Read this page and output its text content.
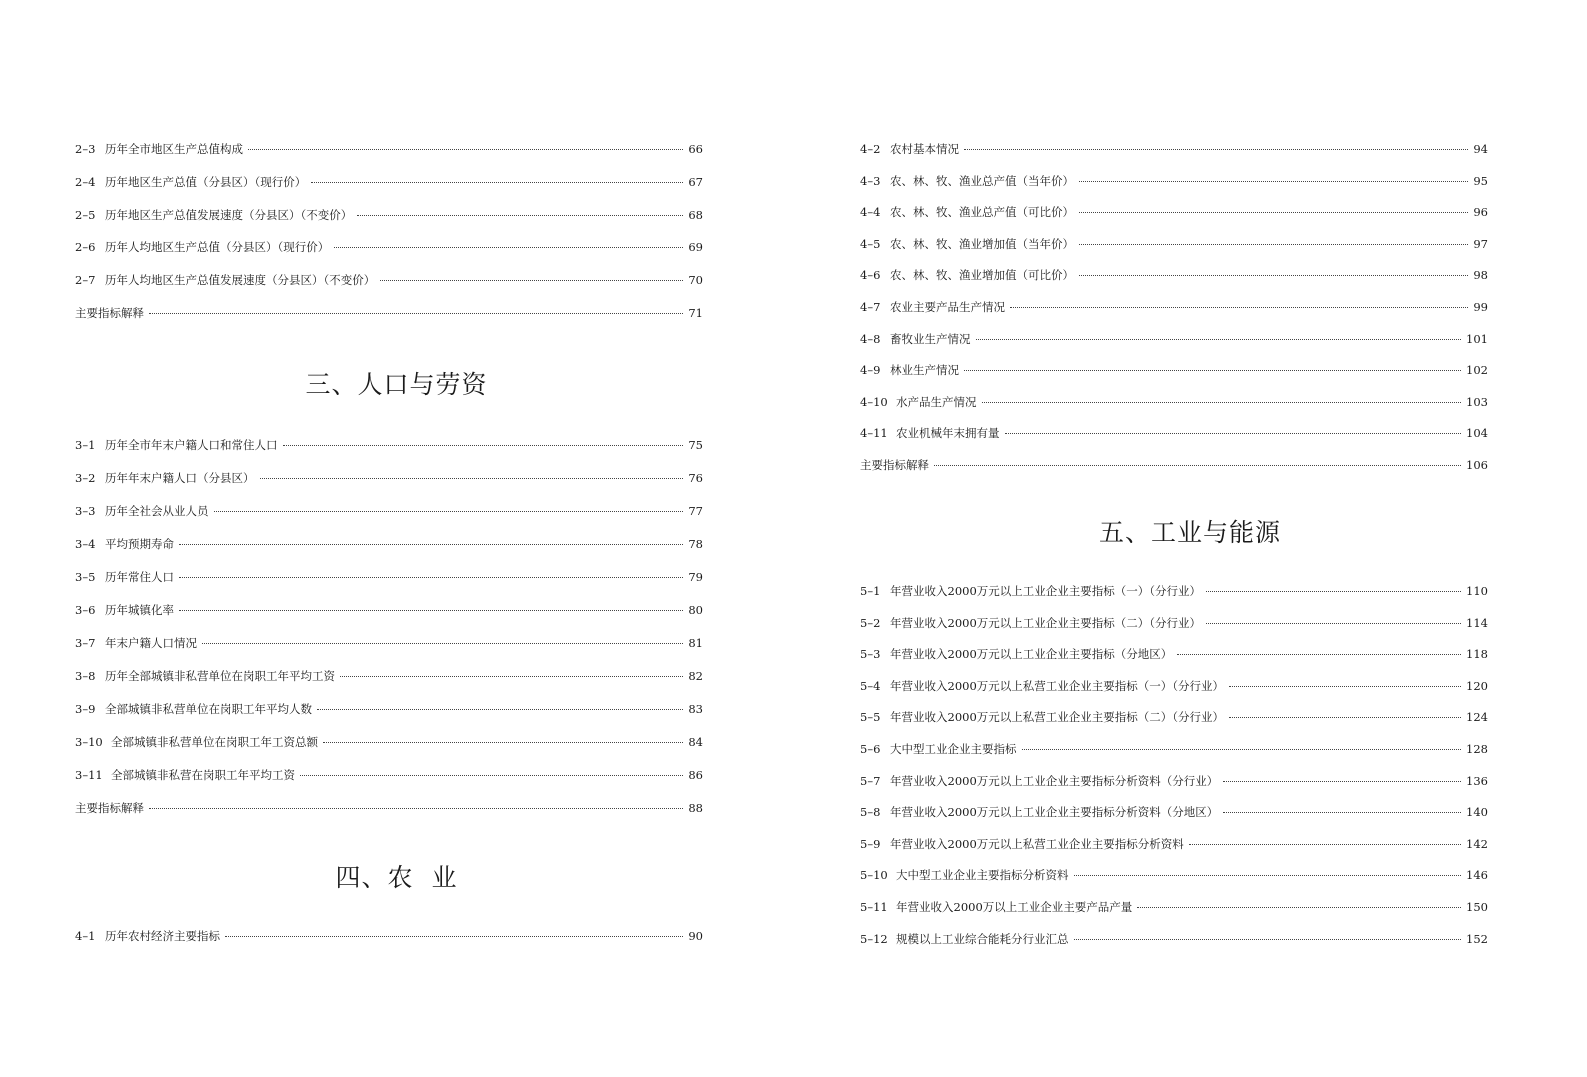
2–3 历年全市地区生产总值构成	66
2–4 历年地区生产总值（分县区）（现行价）	67
2–5 历年地区生产总值发展速度（分县区）（不变价）	68
2–6 历年人均地区生产总值（分县区）（现行价）	69
2–7 历年人均地区生产总值发展速度（分县区）（不变价）	70
主要指标解释	71
三、人口与劳资
3–1 历年全市年末户籍人口和常住人口	75
3–2 历年年末户籍人口（分县区）	76
3–3 历年全社会从业人员	77
3–4 平均预期寿命	78
3–5 历年常住人口	79
3–6 历年城镇化率	80
3–7 年末户籍人口情况	81
3–8 历年全部城镇非私营单位在岗职工年平均工资	82
3–9 全部城镇非私营单位在岗职工年平均人数	83
3–10 全部城镇非私营单位在岗职工年工资总额	84
3–11 全部城镇非私营在岗职工年平均工资	86
主要指标解释	88
四、农  业
4–1 历年农村经济主要指标	90
4–2 农村基本情况	94
4–3 农、林、牧、渔业总产值（当年价）	95
4–4 农、林、牧、渔业总产值（可比价）	96
4–5 农、林、牧、渔业增加值（当年价）	97
4–6 农、林、牧、渔业增加值（可比价）	98
4–7 农业主要产品生产情况	99
4–8 畜牧业生产情况	101
4–9 林业生产情况	102
4–10 水产品生产情况	103
4–11 农业机械年末拥有量	104
主要指标解释	106
五、工业与能源
5–1 年营业收入2000万元以上工业企业主要指标（一）（分行业）	110
5–2 年营业收入2000万元以上工业企业主要指标（二）（分行业）	114
5–3 年营业收入2000万元以上工业企业主要指标（分地区）	118
5–4 年营业收入2000万元以上私营工业企业主要指标（一）（分行业）	120
5–5 年营业收入2000万元以上私营工业企业主要指标（二）（分行业）	124
5–6 大中型工业企业主要指标	128
5–7 年营业收入2000万元以上工业企业主要指标分析资料（分行业）	136
5–8 年营业收入2000万元以上工业企业主要指标分析资料（分地区）	140
5–9 年营业收入2000万元以上私营工业企业主要指标分析资料	142
5–10 大中型工业企业主要指标分析资料	146
5–11 年营业收入2000万以上工业企业主要产品产量	150
5–12 规模以上工业综合能耗分行业汇总	152
